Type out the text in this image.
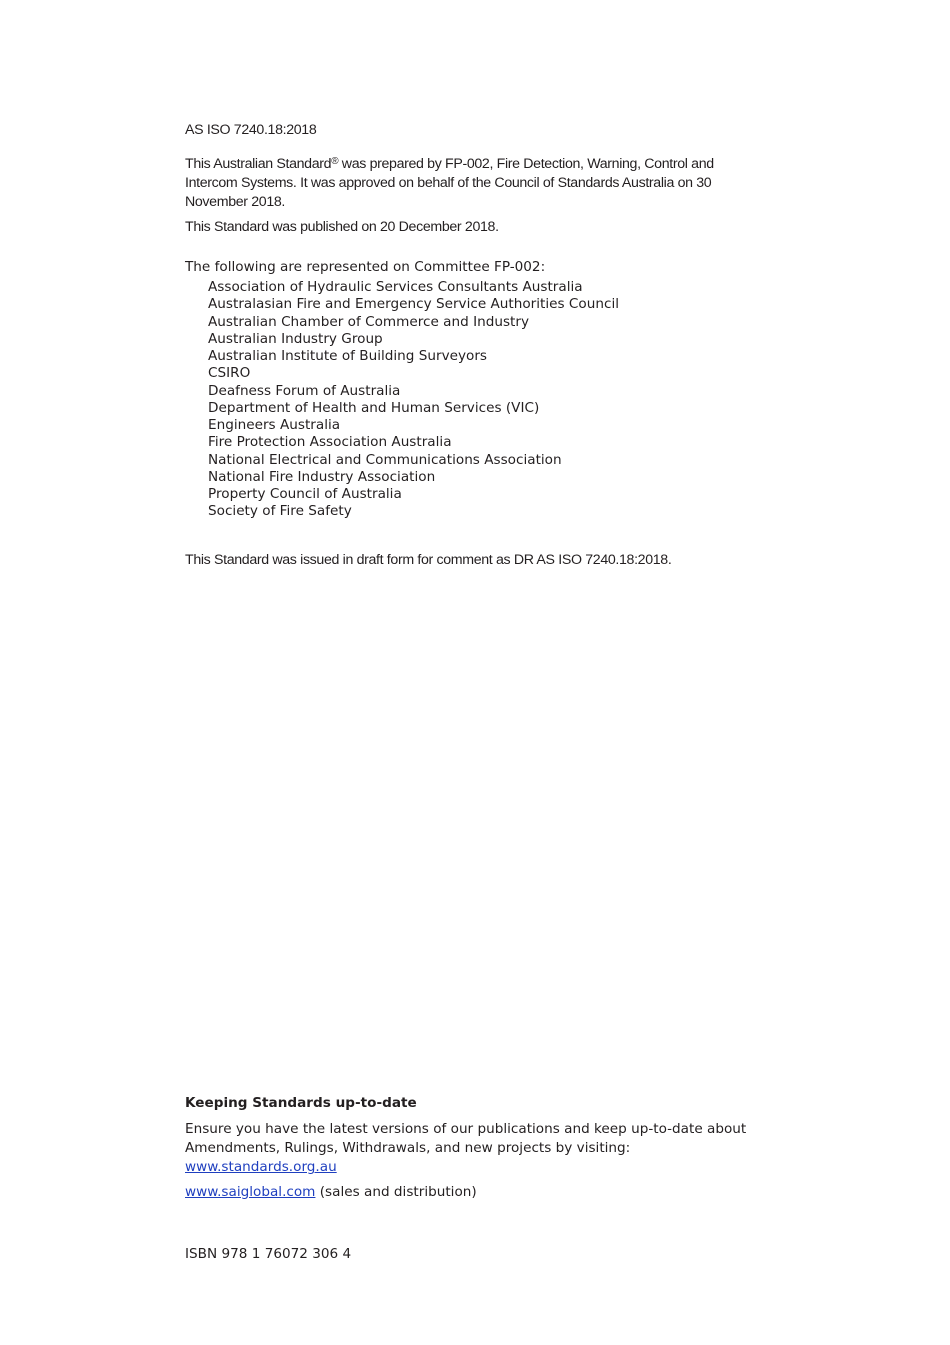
AS ISO 7240.18:2018
This Australian Standard® was prepared by FP-002, Fire Detection, Warning, Control and Intercom Systems. It was approved on behalf of the Council of Standards Australia on 30 November 2018.
This Standard was published on 20 December 2018.
The following are represented on Committee FP-002:
Association of Hydraulic Services Consultants Australia
Australasian Fire and Emergency Service Authorities Council
Australian Chamber of Commerce and Industry
Australian Industry Group
Australian Institute of Building Surveyors
CSIRO
Deafness Forum of Australia
Department of Health and Human Services (VIC)
Engineers Australia
Fire Protection Association Australia
National Electrical and Communications Association
National Fire Industry Association
Property Council of Australia
Society of Fire Safety
This Standard was issued in draft form for comment as DR AS ISO 7240.18:2018.
Keeping Standards up-to-date
Ensure you have the latest versions of our publications and keep up-to-date about Amendments, Rulings, Withdrawals, and new projects by visiting:
www.standards.org.au
www.saiglobal.com (sales and distribution)
ISBN 978 1 76072 306 4
